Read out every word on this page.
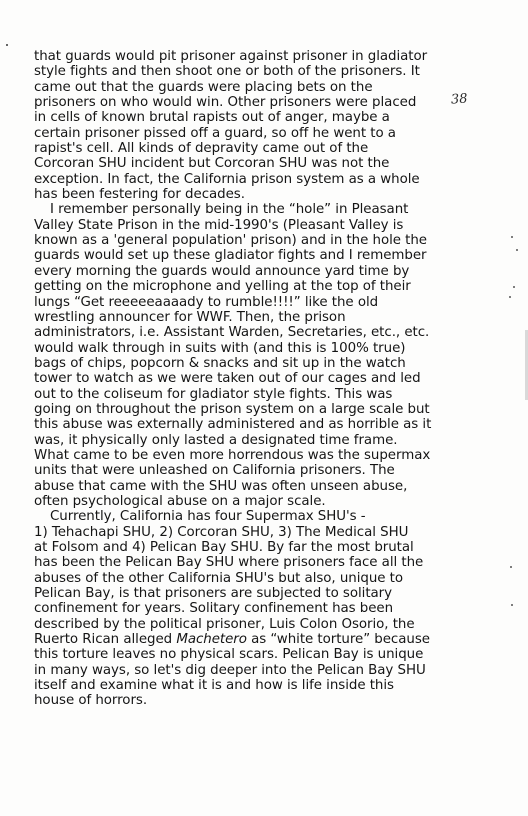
38
that guards would pit prisoner against prisoner in gladiator
style fights and then shoot one or both of the prisoners. It
came out that the guards were placing bets on the
prisoners on who would win. Other prisoners were placed
in cells of known brutal rapists out of anger, maybe a
certain prisoner pissed off a guard, so off he went to a
rapist's cell. All kinds of depravity came out of the
Corcoran SHU incident but Corcoran SHU was not the
exception. In fact, the California prison system as a whole
has been festering for decades.
I remember personally being in the “hole” in Pleasant
Valley State Prison in the mid-1990's (Pleasant Valley is
known as a 'general population' prison) and in the hole the
guards would set up these gladiator fights and I remember
every morning the guards would announce yard time by
getting on the microphone and yelling at the top of their
lungs “Get reeeeeaaaady to rumble!!!!” like the old
wrestling announcer for WWF. Then, the prison
administrators, i.e. Assistant Warden, Secretaries, etc., etc.
would walk through in suits with (and this is 100% true)
bags of chips, popcorn & snacks and sit up in the watch
tower to watch as we were taken out of our cages and led
out to the coliseum for gladiator style fights. This was
going on throughout the prison system on a large scale but
this abuse was externally administered and as horrible as it
was, it physically only lasted a designated time frame.
What came to be even more horrendous was the supermax
units that were unleashed on California prisoners. The
abuse that came with the SHU was often unseen abuse,
often psychological abuse on a major scale.
Currently, California has four Supermax SHU's -
1) Tehachapi SHU, 2) Corcoran SHU, 3) The Medical SHU
at Folsom and 4) Pelican Bay SHU. By far the most brutal
has been the Pelican Bay SHU where prisoners face all the
abuses of the other California SHU's but also, unique to
Pelican Bay, is that prisoners are subjected to solitary
confinement for years. Solitary confinement has been
described by the political prisoner, Luis Colon Osorio, the
Ruerto Rican alleged Machetero as “white torture” because
this torture leaves no physical scars. Pelican Bay is unique
in many ways, so let's dig deeper into the Pelican Bay SHU
itself and examine what it is and how is life inside this
house of horrors.
